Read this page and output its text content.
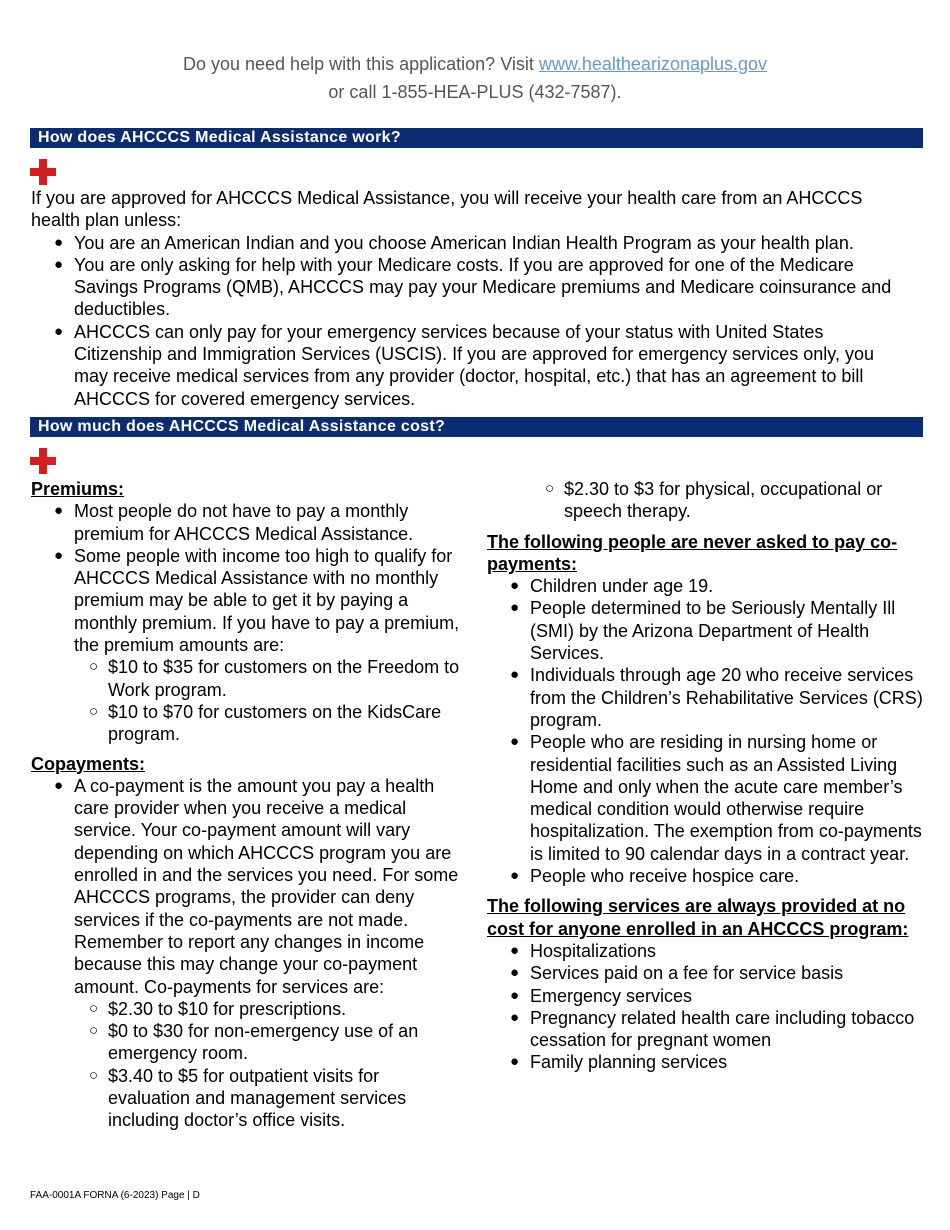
Do you need help with this application? Visit www.healthearizonaplus.gov
or call 1-855-HEA-PLUS (432-7587).
How does AHCCCS Medical Assistance work?
If you are approved for AHCCCS Medical Assistance, you will receive your health care from an AHCCCS health plan unless:
● You are an American Indian and you choose American Indian Health Program as your health plan.
● You are only asking for help with your Medicare costs. If you are approved for one of the Medicare Savings Programs (QMB), AHCCCS may pay your Medicare premiums and Medicare coinsurance and deductibles.
● AHCCCS can only pay for your emergency services because of your status with United States Citizenship and Immigration Services (USCIS). If you are approved for emergency services only, you may receive medical services from any provider (doctor, hospital, etc.) that has an agreement to bill AHCCCS for covered emergency services.
How much does AHCCCS Medical Assistance cost?
Premiums:
● Most people do not have to pay a monthly premium for AHCCCS Medical Assistance.
● Some people with income too high to qualify for AHCCCS Medical Assistance with no monthly premium may be able to get it by paying a monthly premium. If you have to pay a premium, the premium amounts are:
○ $10 to $35 for customers on the Freedom to Work program.
○ $10 to $70 for customers on the KidsCare program.
Copayments:
● A co-payment is the amount you pay a health care provider when you receive a medical service. Your co-payment amount will vary depending on which AHCCCS program you are enrolled in and the services you need. For some AHCCCS programs, the provider can deny services if the co-payments are not made. Remember to report any changes in income because this may change your co-payment amount. Co-payments for services are:
○ $2.30 to $10 for prescriptions.
○ $0 to $30 for non-emergency use of an emergency room.
○ $3.40 to $5 for outpatient visits for evaluation and management services including doctor’s office visits.
○ $2.30 to $3 for physical, occupational or speech therapy.
The following people are never asked to pay co-payments:
● Children under age 19.
● People determined to be Seriously Mentally Ill (SMI) by the Arizona Department of Health Services.
● Individuals through age 20 who receive services from the Children’s Rehabilitative Services (CRS) program.
● People who are residing in nursing home or residential facilities such as an Assisted Living Home and only when the acute care member’s medical condition would otherwise require hospitalization. The exemption from co-payments is limited to 90 calendar days in a contract year.
● People who receive hospice care.
The following services are always provided at no cost for anyone enrolled in an AHCCCS program:
● Hospitalizations
● Services paid on a fee for service basis
● Emergency services
● Pregnancy related health care including tobacco cessation for pregnant women
● Family planning services
FAA-0001A FORNA (6-2023) Page | D
